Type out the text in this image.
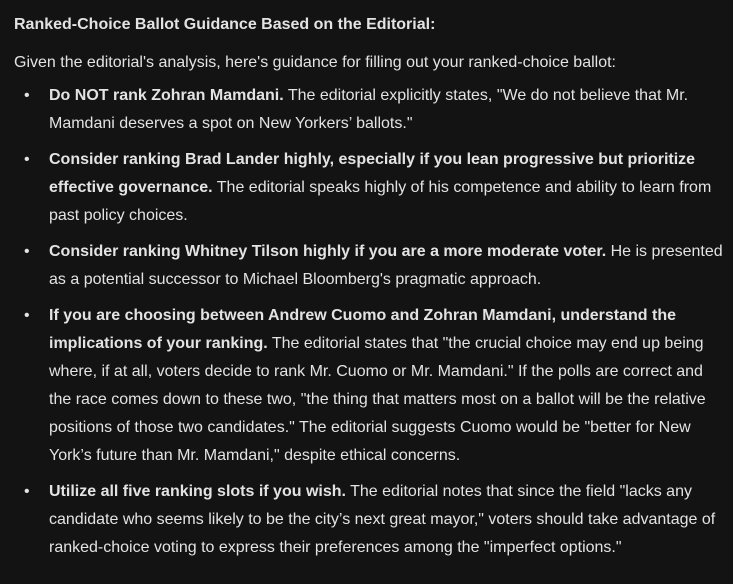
Ranked-Choice Ballot Guidance Based on the Editorial:
Given the editorial's analysis, here's guidance for filling out your ranked-choice ballot:
• Do NOT rank Zohran Mamdani. The editorial explicitly states, "We do not believe that Mr. Mamdani deserves a spot on New Yorkers’ ballots."
• Consider ranking Brad Lander highly, especially if you lean progressive but prioritize effective governance. The editorial speaks highly of his competence and ability to learn from past policy choices.
• Consider ranking Whitney Tilson highly if you are a more moderate voter. He is presented as a potential successor to Michael Bloomberg's pragmatic approach.
• If you are choosing between Andrew Cuomo and Zohran Mamdani, understand the implications of your ranking. The editorial states that "the crucial choice may end up being where, if at all, voters decide to rank Mr. Cuomo or Mr. Mamdani." If the polls are correct and the race comes down to these two, "the thing that matters most on a ballot will be the relative positions of those two candidates." The editorial suggests Cuomo would be "better for New York’s future than Mr. Mamdani," despite ethical concerns.
• Utilize all five ranking slots if you wish. The editorial notes that since the field "lacks any candidate who seems likely to be the city’s next great mayor," voters should take advantage of ranked-choice voting to express their preferences among the "imperfect options."
